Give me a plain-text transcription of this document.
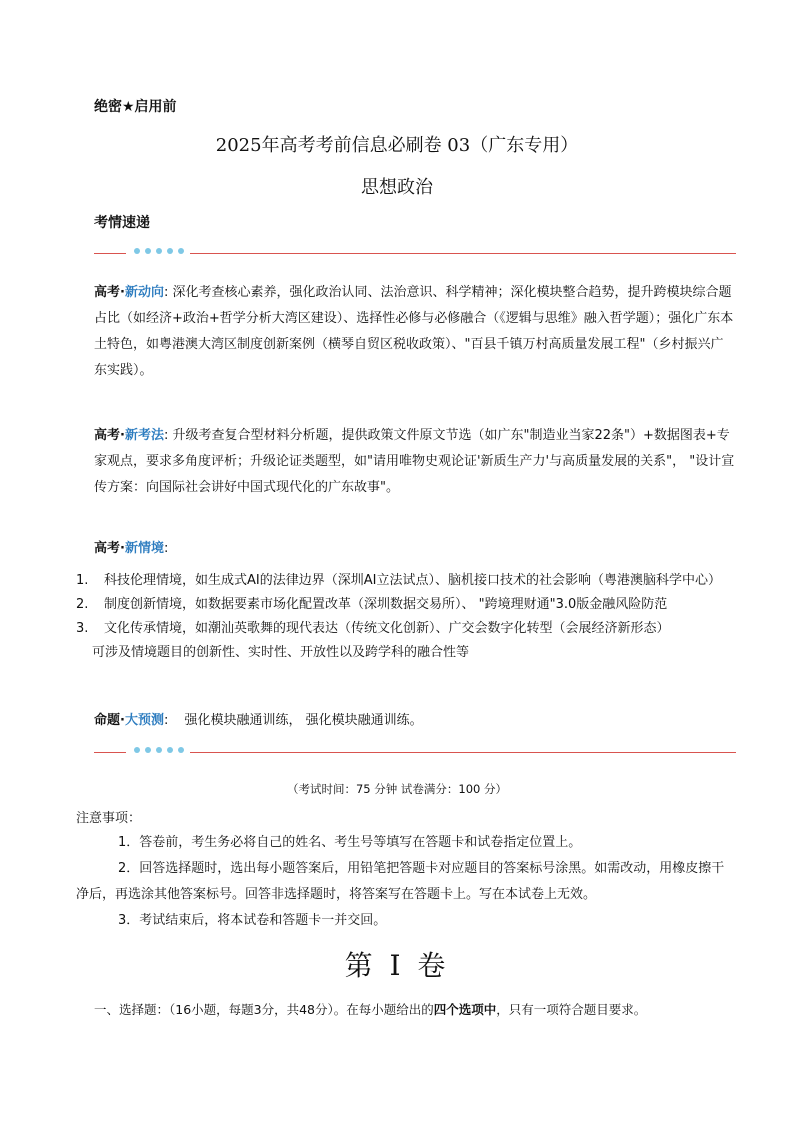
绝密★启用前
2025年高考考前信息必刷卷 03（广东专用）
思想政治
考情速递
高考·新动向: 深化考查核心素养，强化政治认同、法治意识、科学精神；深化模块整合趋势，提升跨模块综合题占比（如经济+政治+哲学分析大湾区建设）、选择性必修与必修融合（《逻辑与思维》融入哲学题）；强化广东本土特色，如粤港澳大湾区制度创新案例（横琴自贸区税收政策）、"百县千镇万村高质量发展工程"（乡村振兴广东实践）。
高考·新考法: 升级考查复合型材料分析题，提供政策文件原文节选（如广东"制造业当家22条"）+数据图表+专家观点，要求多角度评析；升级论证类题型，如"请用唯物史观论证'新质生产力'与高质量发展的关系"， "设计宣传方案：向国际社会讲好中国式现代化的广东故事"。
高考·新情境:
1.	科技伦理情境，如生成式AI的法律边界（深圳AI立法试点）、脑机接口技术的社会影响（粤港澳脑科学中心）
2.	制度创新情境，如数据要素市场化配置改革（深圳数据交易所）、 "跨境理财通"3.0版金融风险防范
3.	文化传承情境，如潮汕英歌舞的现代表达（传统文化创新）、广交会数字化转型（会展经济新形态）
可涉及情境题目的创新性、实时性、开放性以及跨学科的融合性等
命题·大预测: 强化模块融通训练， 强化模块融通训练。
（考试时间：75 分钟 试卷满分：100 分）
注意事项：

1．答卷前，考生务必将自己的姓名、考生号等填写在答题卡和试卷指定位置上。

2．回答选择题时，选出每小题答案后，用铅笔把答题卡对应题目的答案标号涂黑。如需改动，用橡皮擦干净后，再选涂其他答案标号。回答非选择题时，将答案写在答题卡上。写在本试卷上无效。

3．考试结束后，将本试卷和答题卡一并交回。

第 I 卷
一、选择题：（16小题，每题3分，共48分）。在每小题给出的四个选项中，只有一项符合题目要求。
